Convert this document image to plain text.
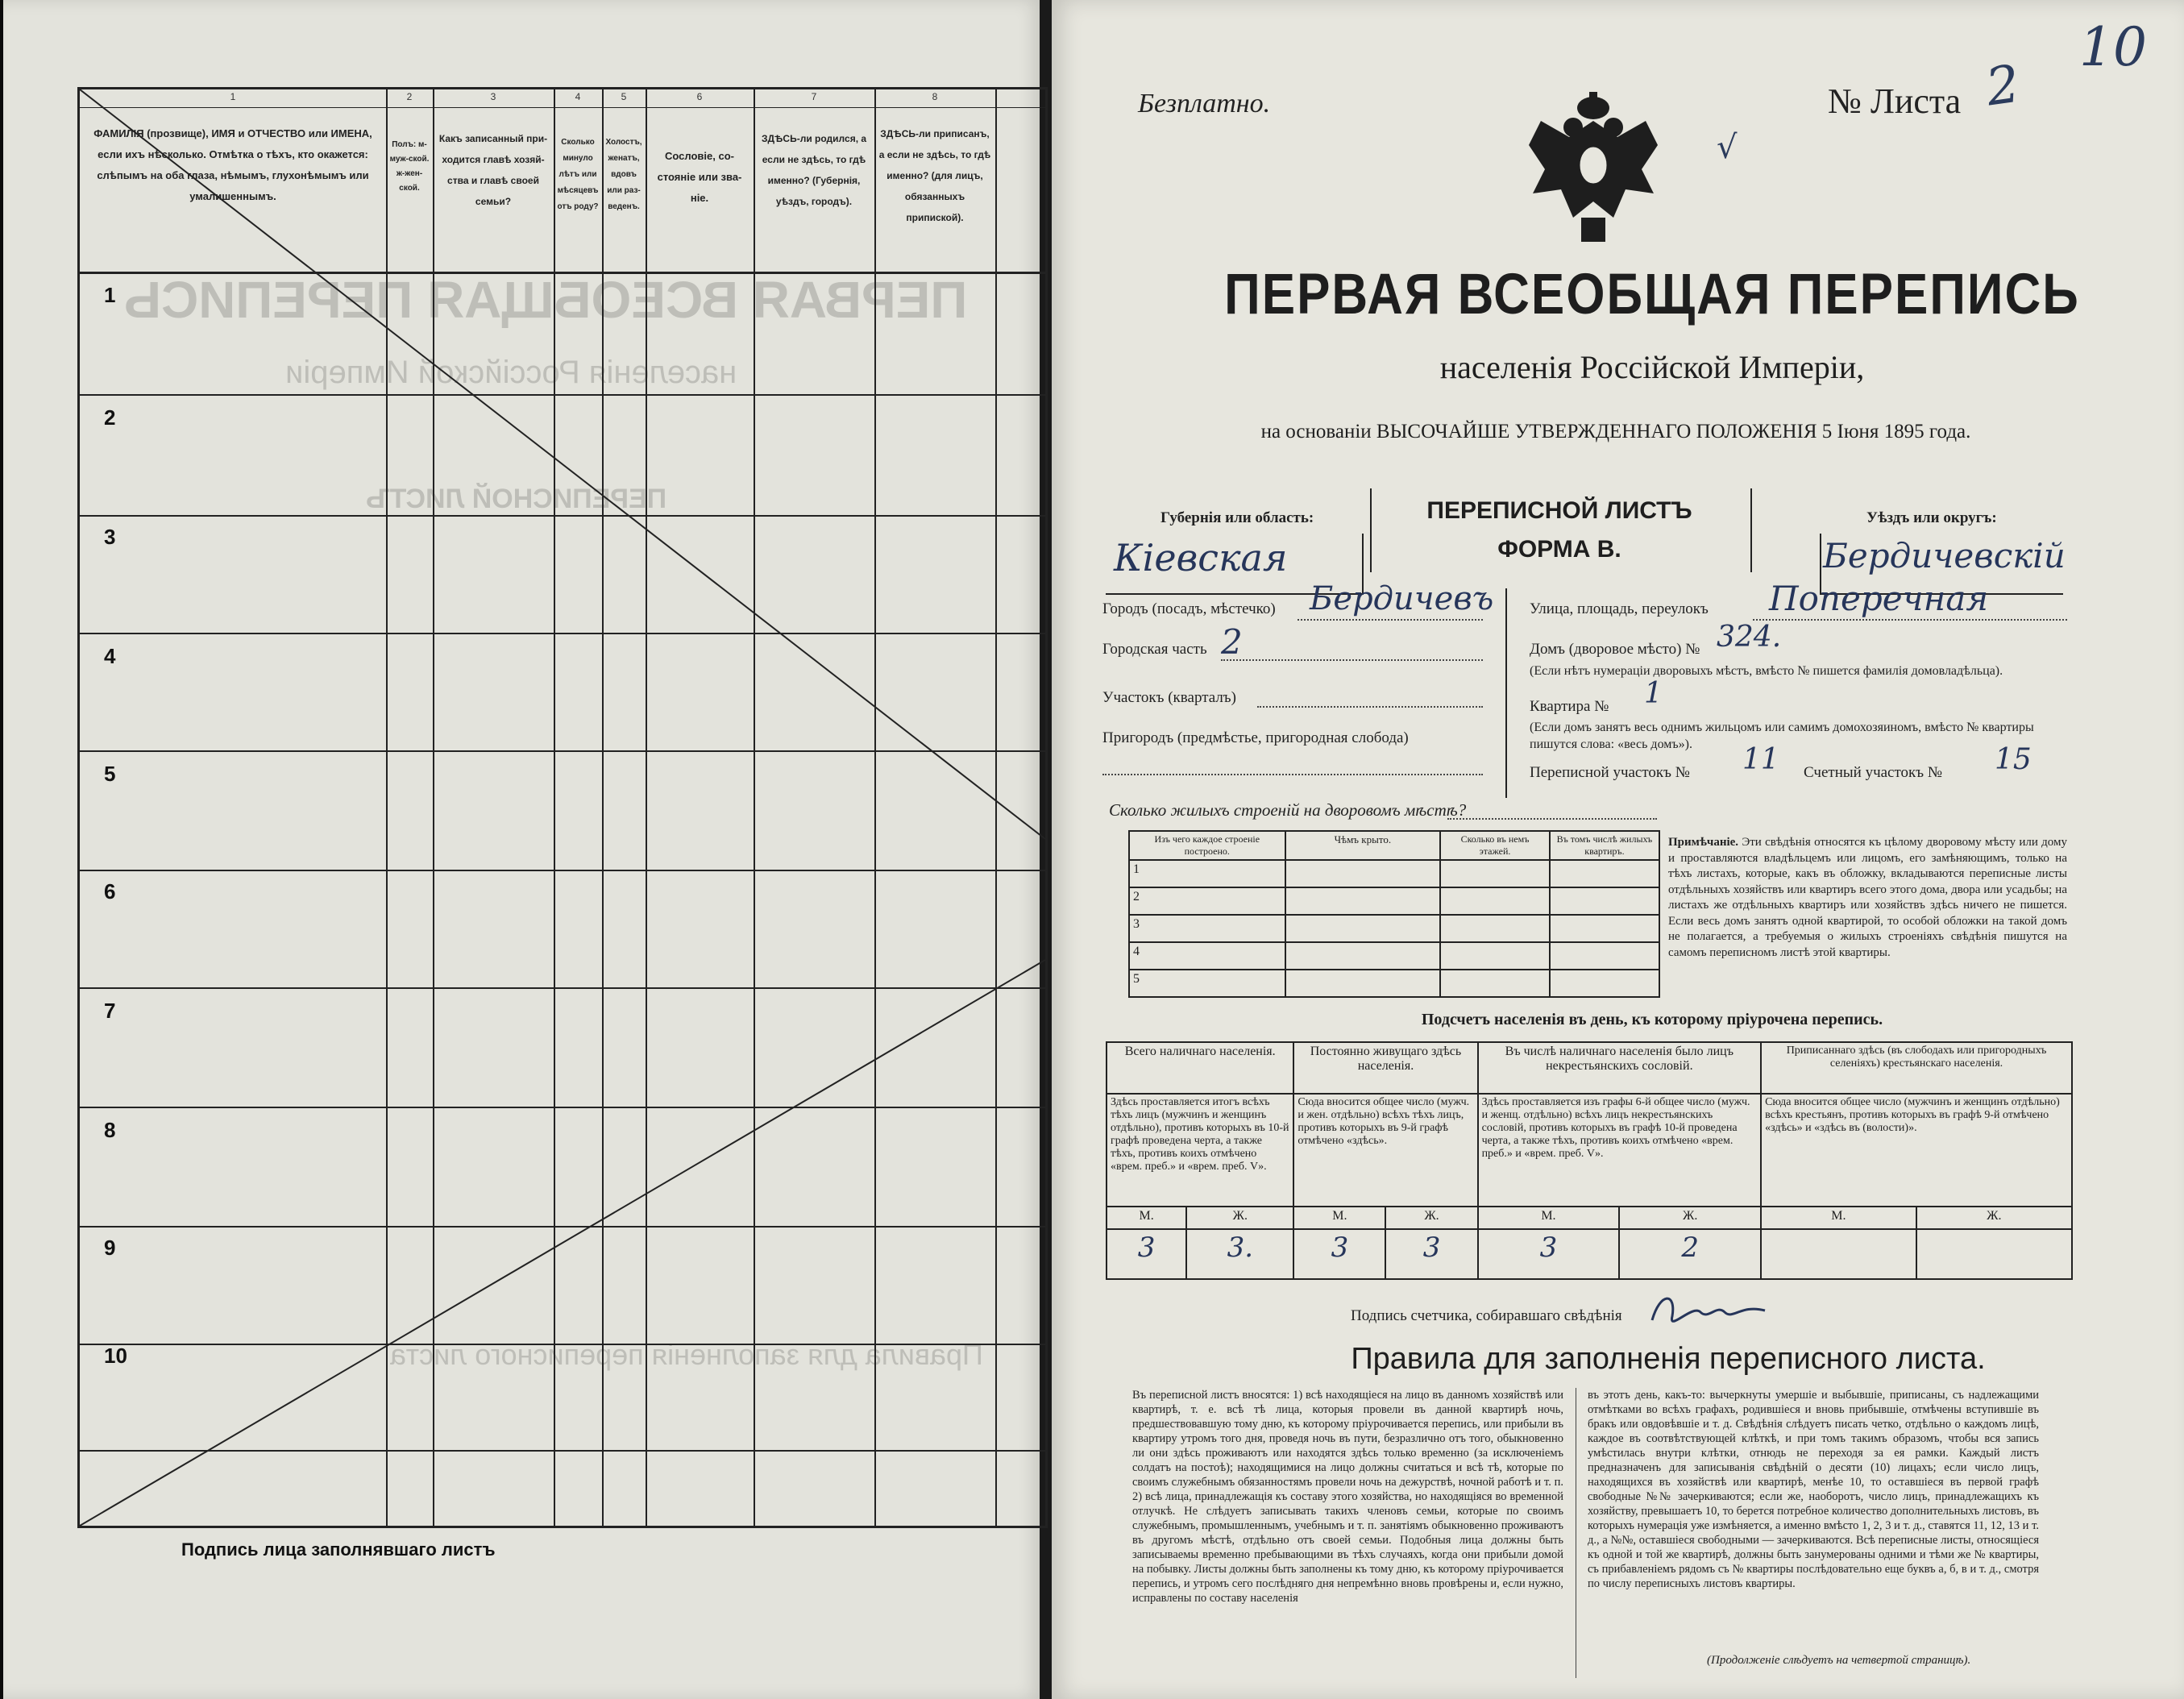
ПЕРВАЯ ВСЕОБЩАЯ ПЕРЕПИСЬ
населенія Россійской Имперіи
ПЕРЕПИСНОЙ ЛИСТЪ
Правила для заполненія переписного листа
1	2	3	4	5	6	7	8
ФАМИЛІЯ (прозвище), ИМЯ и ОТЧЕСТВО или ИМЕНА, если ихъ нѣсколько. Отмѣтка о тѣхъ, кто окажется: слѣпымъ на оба глаза, нѣмымъ, глухонѣмымъ или умалишеннымъ.
Полъ: м-муж-ской. ж-жен-ской.
Какъ записанный при-ходится главѣ хозяй-ства и главѣ своей семьи?
Сколько минуло лѣтъ или мѣсяцевъ отъ роду?
Холостъ, женатъ, вдовъ или раз-веденъ.
Сословіе, со-стояніе или зва-ніе.
ЗДѢСЬ-ли родился, а если не здѣсь, то гдѣ именно? (Губернія, уѣздъ, городъ).
ЗДѢСЬ-ли приписанъ, а если не здѣсь, то гдѣ именно? (для лицъ, обязанныхъ припиской).
1
2
3
4
5
6
7
8
9
10
Подпись лица заполнявшаго листъ
Безплатно.	№ Листа 2
10
√
ПЕРВАЯ ВСЕОБЩАЯ ПЕРЕПИСЬ
населенія Россійской Имперіи,
на основаніи ВЫСОЧАЙШЕ УТВЕРЖДЕННАГО ПОЛОЖЕНІЯ 5 Іюня 1895 года.
Губернія или область:
Кіевская
ПЕРЕПИСНОЙ ЛИСТЪ
ФОРМА В.
Уѣздъ или округъ:
Бердичевскій
Городъ (посадъ, мѣстечко) Бердичевъ
Городская часть 2
Участокъ (кварталъ)
Пригородъ (предмѣстье, пригородная слобода)
Улица, площадь, переулокъ Поперечная
Домъ (дворовое мѣсто) № 324.
(Если нѣтъ нумераціи дворовыхъ мѣстъ, вмѣсто № пишется фамилія домовладѣльца).
Квартира № 1
(Если домъ занятъ весь однимъ жильцомъ или самимъ домохозяиномъ, вмѣсто № квартиры пишутся слова: «весь домъ»).
Переписной участокъ № 11 Счетный участокъ № 15
Сколько жилыхъ строеній на дворовомъ мѣстѣ?
Изъ чего каждое строеніе построено.	Чѣмъ крыто.	Сколько въ немъ этажей.	Въ томъ числѣ жилыхъ квартиръ.
1			
2			
3			
4			
5			
Примѣчаніе. Эти свѣдѣнія относятся къ цѣлому дворовому мѣсту или дому и проставляются владѣльцемъ или лицомъ, его замѣняющимъ, только на тѣхъ листахъ, которые, какъ въ обложку, вкладываются переписные листы отдѣльныхъ хозяйствъ или квартиръ всего этого дома, двора или усадьбы; на листахъ же отдѣльныхъ квартиръ или хозяйствъ здѣсь ничего не пишется. Если весь домъ занятъ одной квартирой, то особой обложки на такой домъ не полагается, а требуемыя о жилыхъ строеніяхъ свѣдѣнія пишутся на самомъ переписномъ листѣ этой квартиры.
Подсчетъ населенія въ день, къ которому пріурочена перепись.
Всего наличнаго населенія.		Постоянно живущаго здѣсь населенія.		Въ числѣ наличнаго населенія было лицъ некрестьянскихъ сословій.		Приписаннаго здѣсь (въ слободахъ или пригородныхъ селеніяхъ) крестьянскаго населенія.	
Здѣсь проставляется итогъ всѣхъ тѣхъ лицъ (мужчинъ и женщинъ отдѣльно), противъ которыхъ въ 10-й графѣ проведена черта, а также тѣхъ, противъ коихъ отмѣчено «врем. преб.» и «врем. преб. V».		Сюда вносится общее число (мужч. и жен. отдѣльно) всѣхъ тѣхъ лицъ, противъ которыхъ въ 9-й графѣ отмѣчено «здѣсь».		Здѣсь проставляется изъ графы 6-й общее число (мужч. и женщ. отдѣльно) всѣхъ лицъ некрестьянскихъ сословій, противъ которыхъ въ графѣ 10-й проведена черта, а также тѣхъ, противъ коихъ отмѣчено «врем. преб.» и «врем. преб. V».		Сюда вносится общее число (мужчинъ и женщинъ отдѣльно) всѣхъ крестьянъ, противъ которыхъ въ графѣ 9-й отмѣчено «здѣсь» и «здѣсь въ (волости)».	
М.	Ж.	М.	Ж.	М.	Ж.	М.	Ж.
3	3.	3	3	3	2		
Подпись счетчика, собиравшаго свѣдѣнія
Правила для заполненія переписного листа.
Въ переписной листъ вносятся: 1) всѣ находящіеся на лицо въ данномъ хозяйствѣ или квартирѣ, т. е. всѣ тѣ лица, которыя провели въ данной квартирѣ ночь, предшествовавшую тому дню, къ которому пріурочивается перепись, или прибыли въ квартиру утромъ того дня, проведя ночь въ пути, безразлично отъ того, обыкновенно ли они здѣсь проживаютъ или находятся здѣсь только временно (за исключеніемъ солдатъ на постоѣ); находящимися на лицо должны считаться и всѣ тѣ, которые по своимъ служебнымъ обязанностямъ провели ночь на дежурствѣ, ночной работѣ и т. п. 2) всѣ лица, принадлежащія къ составу этого хозяйства, но находящіяся во временной отлучкѣ. Не слѣдуетъ записывать такихъ членовъ семьи, которые по своимъ служебнымъ, промышленнымъ, учебнымъ и т. п. занятіямъ обыкновенно проживаютъ въ другомъ мѣстѣ, отдѣльно отъ своей семьи. Подобныя лица должны быть записываемы временно пребывающими въ тѣхъ случаяхъ, когда они прибыли домой на побывку. Листы должны быть заполнены къ тому дню, къ которому пріурочивается перепись, и утромъ сего послѣдняго дня непремѣнно вновь провѣрены и, если нужно, исправлены по составу населенія
въ этотъ день, какъ-то: вычеркнуты умершіе и выбывшіе, приписаны, съ надлежащими отмѣтками во всѣхъ графахъ, родившіеся и вновь прибывшіе, отмѣчены вступившіе въ бракъ или овдовѣвшіе и т. д. Свѣдѣнія слѣдуетъ писать четко, отдѣльно о каждомъ лицѣ, каждое въ соотвѣтствующей клѣткѣ, и при томъ такимъ образомъ, чтобы вся запись умѣстилась внутри клѣтки, отнюдь не переходя за ея рамки. Каждый листъ предназначенъ для записыванія свѣдѣній о десяти (10) лицахъ; если число лицъ, находящихся въ хозяйствѣ или квартирѣ, менѣе 10, то оставшіеся въ первой графѣ свободные №№ зачеркиваются; если же, наоборотъ, число лицъ, принадлежащихъ къ хозяйству, превышаетъ 10, то берется потребное количество дополнительныхъ листовъ, въ которыхъ нумерація уже измѣняется, а именно вмѣсто 1, 2, 3 и т. д., ставятся 11, 12, 13 и т. д., а №№, оставшіеся свободными — зачеркиваются. Всѣ переписные листы, относящіеся къ одной и той же квартирѣ, должны быть занумерованы одними и тѣми же № квартиры, съ прибавленіемъ рядомъ съ № квартиры послѣдовательно еще буквъ а, б, в и т. д., смотря по числу переписныхъ листовъ квартиры.
(Продолженіе слѣдуетъ на четвертой страницѣ).
